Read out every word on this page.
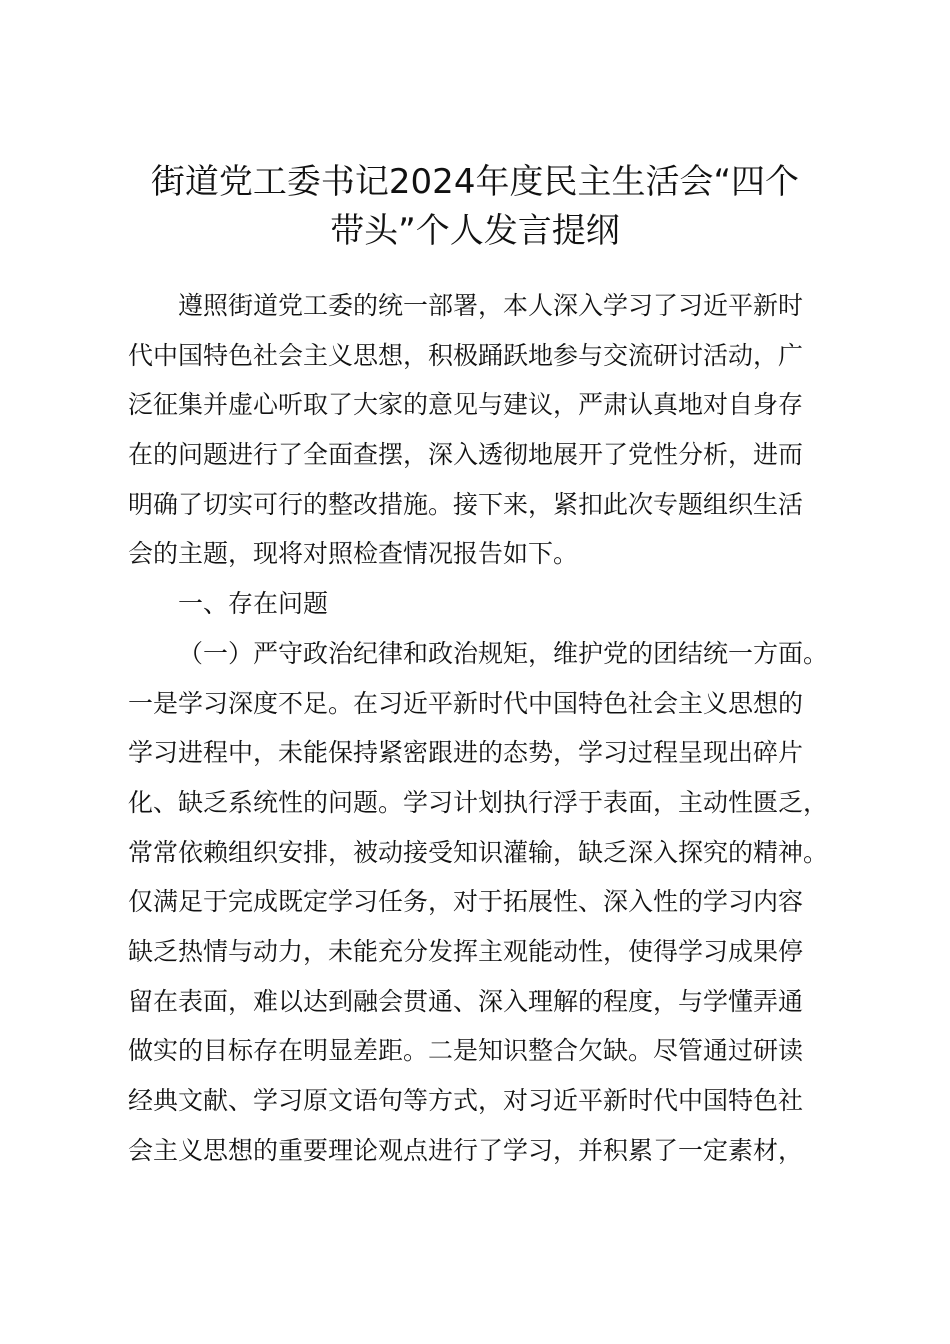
街道党工委书记2024年度民主生活会“四个
带头”个人发言提纲
遵照街道党工委的统一部署，本人深入学习了习近平新时
代中国特色社会主义思想，积极踊跃地参与交流研讨活动，广
泛征集并虚心听取了大家的意见与建议，严肃认真地对自身存
在的问题进行了全面查摆，深入透彻地展开了党性分析，进而
明确了切实可行的整改措施。接下来，紧扣此次专题组织生活
会的主题，现将对照检查情况报告如下。
一、存在问题
（一）严守政治纪律和政治规矩，维护党的团结统一方面。
一是学习深度不足。在习近平新时代中国特色社会主义思想的
学习进程中，未能保持紧密跟进的态势，学习过程呈现出碎片
化、缺乏系统性的问题。学习计划执行浮于表面，主动性匮乏，
常常依赖组织安排，被动接受知识灌输，缺乏深入探究的精神。
仅满足于完成既定学习任务，对于拓展性、深入性的学习内容
缺乏热情与动力，未能充分发挥主观能动性，使得学习成果停
留在表面，难以达到融会贯通、深入理解的程度，与学懂弄通
做实的目标存在明显差距。二是知识整合欠缺。尽管通过研读
经典文献、学习原文语句等方式，对习近平新时代中国特色社
会主义思想的重要理论观点进行了学习，并积累了一定素材，
